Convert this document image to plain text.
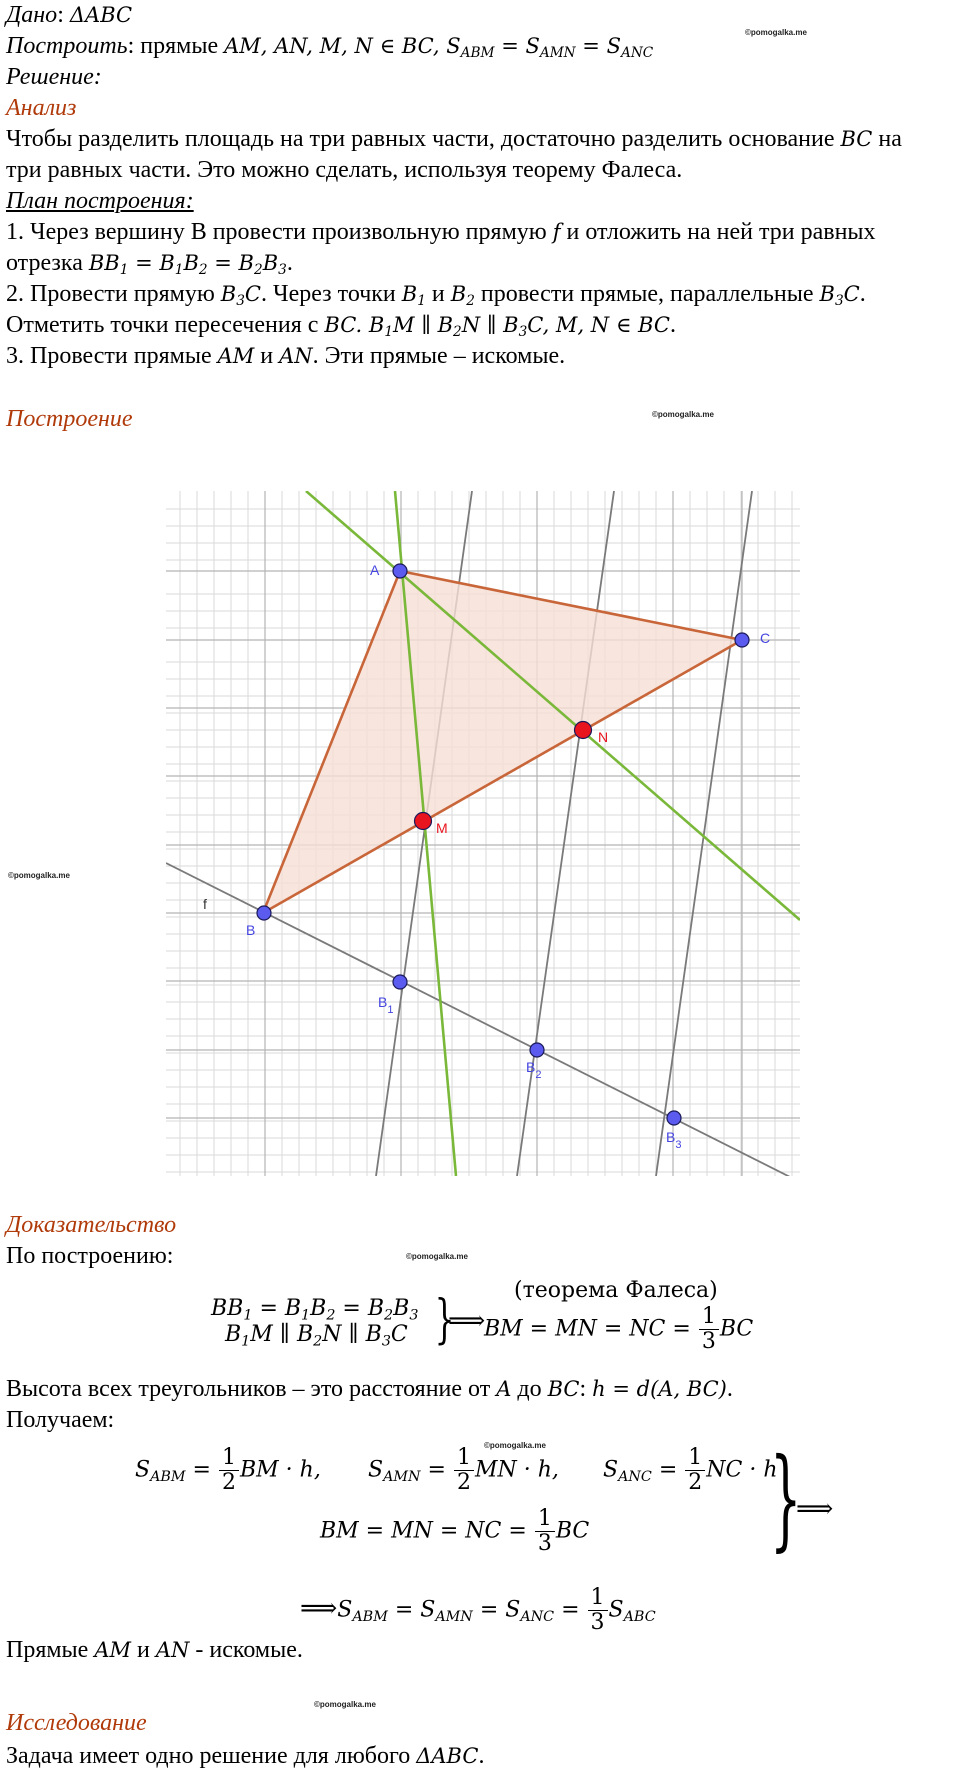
Дано: ΔABC
Построить: прямые AM, AN, M, N ∈ BC, $S_{ABM} = S_{AMN} = S_{ANC}$
Решение:
Анализ
Чтобы разделить площадь на три равных части, достаточно разделить основание BC на
три равных части. Это можно сделать, используя теорему Фалеса.
План построения:
1. Через вершину В провести произвольную прямую f и отложить на ней три равных
отрезка $BB_1 = B_1B_2 = B_2B_3$.
2. Провести прямую $B_3C$. Через точки $B_1$ и $B_2$ провести прямые, параллельные $B_3C$.
Отметить точки пересечения с BC. $B_1M$ ∥ $B_2N$ ∥ $B_3C$, M, N ∈ BC.
3. Провести прямые AM и AN. Эти прямые – искомые.
Построение
©pomogalka.me
©pomogalka.me
©pomogalka.me
©pomogalka.me
©pomogalka.me
©pomogalka.me
A
C
B
$B_1$
$B_2$
$B_3$
M
N
f
Доказательство
По построению:
$BB_1 = B_1B_2 = B_2B_3$
$B_1M$ ∥ $B_2N$ ∥ $B_3C$ }
⟹
(теорема Фалеса)
BM = MN = NC = $\frac{1}{3}$ BC
Высота всех треугольников – это расстояние от A до BC: h = d(A, BC).
Получаем:
$S_{ABM} = \frac{1}{2}$ BM · h, $S_{AMN} = \frac{1}{2}$ MN · h, $S_{ANC} = \frac{1}{2}$ NC · h
BM = MN = NC = $\frac{1}{3}$ BC }
⟹
$⟹S_{ABM} = S_{AMN} = S_{ANC} = \frac{1}{3} S_{ABC}$
Прямые AM и AN - искомые.
Исследование
Задача имеет одно решение для любого ΔABC.
